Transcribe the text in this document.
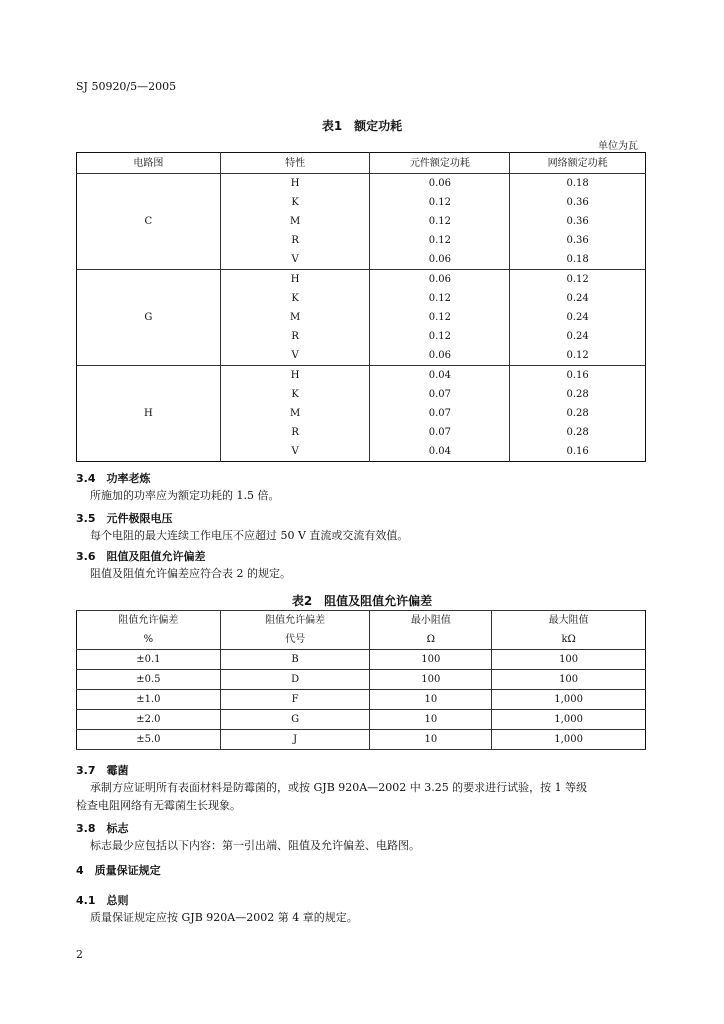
SJ 50920/5—2005
表1　额定功耗
单位为瓦
电路图	特性	元件额定功耗	网络额定功耗
C	H	0.06	0.18
	K	0.12	0.36
	M	0.12	0.36
	R	0.12	0.36
	V	0.06	0.18
G	H	0.06	0.12
	K	0.12	0.24
	M	0.12	0.24
	R	0.12	0.24
	V	0.06	0.12
H	H	0.04	0.16
	K	0.07	0.28
	M	0.07	0.28
	R	0.07	0.28
	V	0.04	0.16
3.4　功率老炼
所施加的功率应为额定功耗的 1.5 倍。
3.5　元件极限电压
每个电阻的最大连续工作电压不应超过 50 V 直流或交流有效值。
3.6　阻值及阻值允许偏差
阻值及阻值允许偏差应符合表 2 的规定。
表2　阻值及阻值允许偏差
阻值允许偏差	阻值允许偏差	最小阻值	最大阻值
%	代号	Ω	kΩ
±0.1	B	100	100
±0.5	D	100	100
±1.0	F	10	1,000
±2.0	G	10	1,000
±5.0	J	10	1,000
3.7　霉菌
承制方应证明所有表面材料是防霉菌的，或按 GJB 920A—2002 中 3.25 的要求进行试验，按 1 等级
检查电阻网络有无霉菌生长现象。
3.8　标志
标志最少应包括以下内容：第一引出端、阻值及允许偏差、电路图。
4　质量保证规定
4.1　总则
质量保证规定应按 GJB 920A—2002 第 4 章的规定。
2
